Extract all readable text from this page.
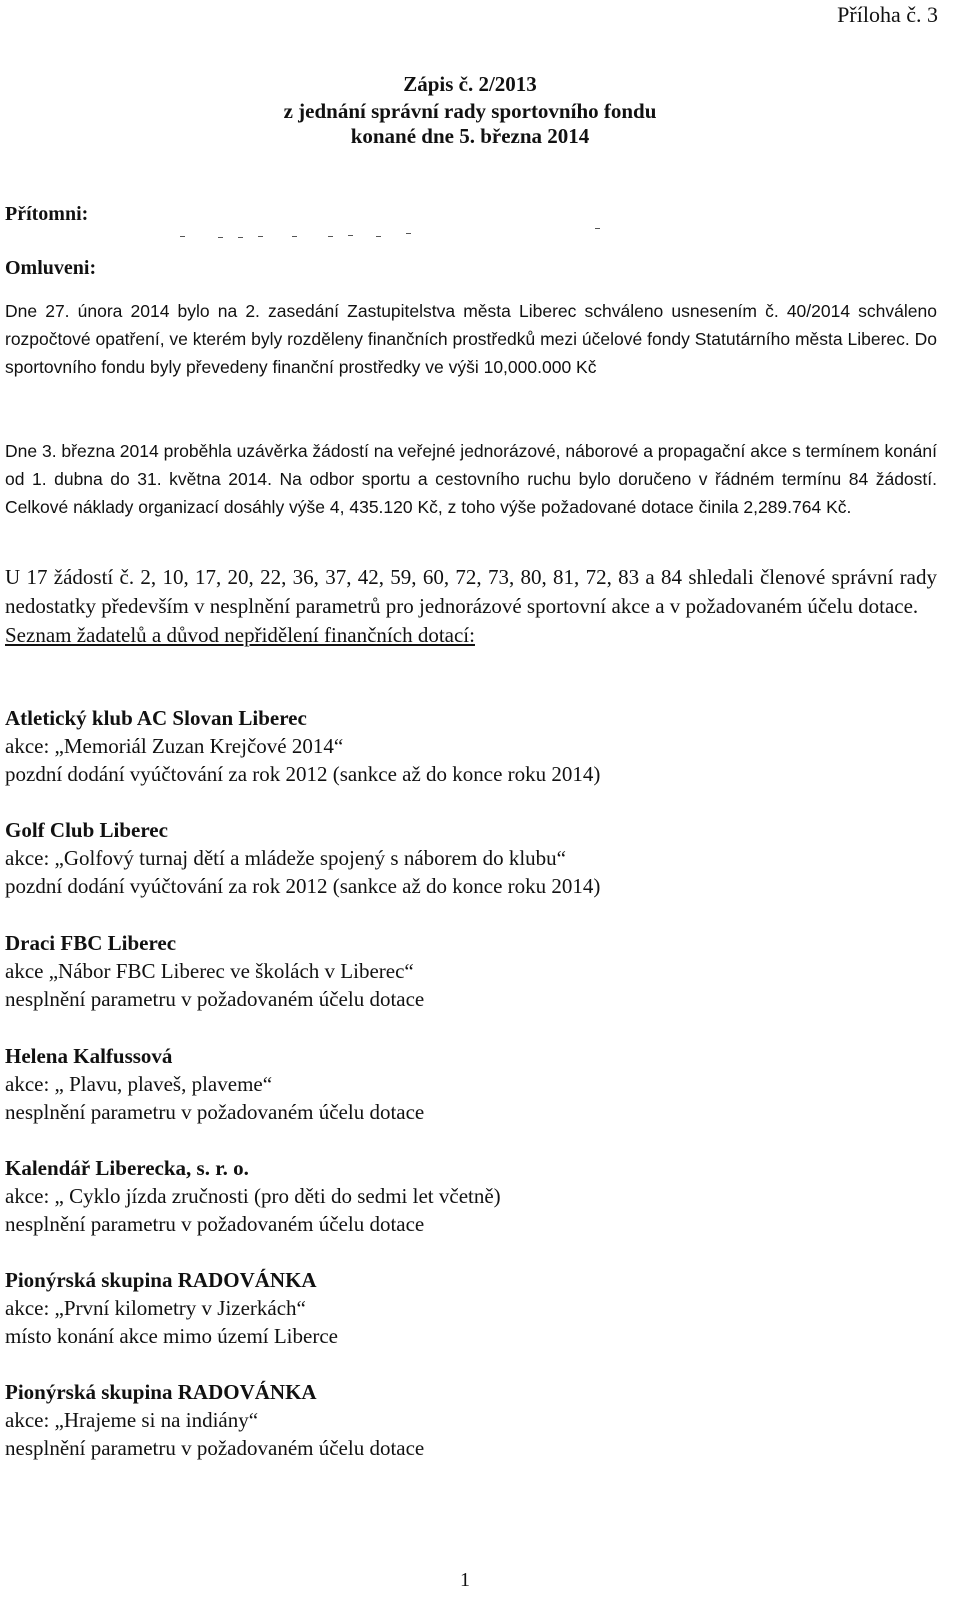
Příloha č. 3
Zápis č. 2/2013
z jednání správní rady sportovního fondu
konané dne 5. března 2014
Přítomni:
Omluveni:
Dne 27. února 2014 bylo na 2. zasedání Zastupitelstva města Liberec schváleno usnesením č. 40/2014 schváleno rozpočtové opatření, ve kterém byly rozděleny finančních prostředků mezi účelové fondy Statutárního města Liberec. Do sportovního fondu byly převedeny finanční prostředky ve výši 10,000.000 Kč
Dne 3. března 2014 proběhla uzávěrka žádostí na veřejné jednorázové, náborové a propagační akce s termínem konání od 1. dubna do 31. května 2014. Na odbor sportu a cestovního ruchu bylo doručeno v řádném termínu 84 žádostí. Celkové náklady organizací dosáhly výše 4, 435.120 Kč, z toho výše požadované dotace činila 2,289.764 Kč.
U 17 žádostí č. 2, 10, 17, 20, 22, 36, 37, 42, 59, 60, 72, 73, 80, 81, 72, 83 a 84 shledali členové správní rady nedostatky především v nesplnění parametrů pro jednorázové sportovní akce a v požadovaném účelu dotace.
Seznam žadatelů a důvod nepřidělení finančních dotací:
Atletický klub AC Slovan Liberec
akce: „Memoriál Zuzan Krejčové 2014“
pozdní dodání vyúčtování za rok 2012 (sankce až do konce roku 2014)
Golf Club Liberec
akce: „Golfový turnaj dětí a mládeže spojený s náborem do klubu“
pozdní dodání vyúčtování za rok 2012 (sankce až do konce roku 2014)
Draci FBC Liberec
akce „Nábor FBC Liberec ve školách v Liberec“
nesplnění parametru v požadovaném účelu dotace
Helena Kalfussová
akce: „ Plavu, plaveš, plaveme“
nesplnění parametru v požadovaném účelu dotace
Kalendář Liberecka, s. r. o.
akce: „ Cyklo jízda zručnosti (pro děti do sedmi let včetně)
nesplnění parametru v požadovaném účelu dotace
Pionýrská skupina RADOVÁNKA
akce: „První kilometry v Jizerkách“
místo konání akce mimo území Liberce
Pionýrská skupina RADOVÁNKA
akce: „Hrajeme si na indiány“
nesplnění parametru v požadovaném účelu dotace
1
